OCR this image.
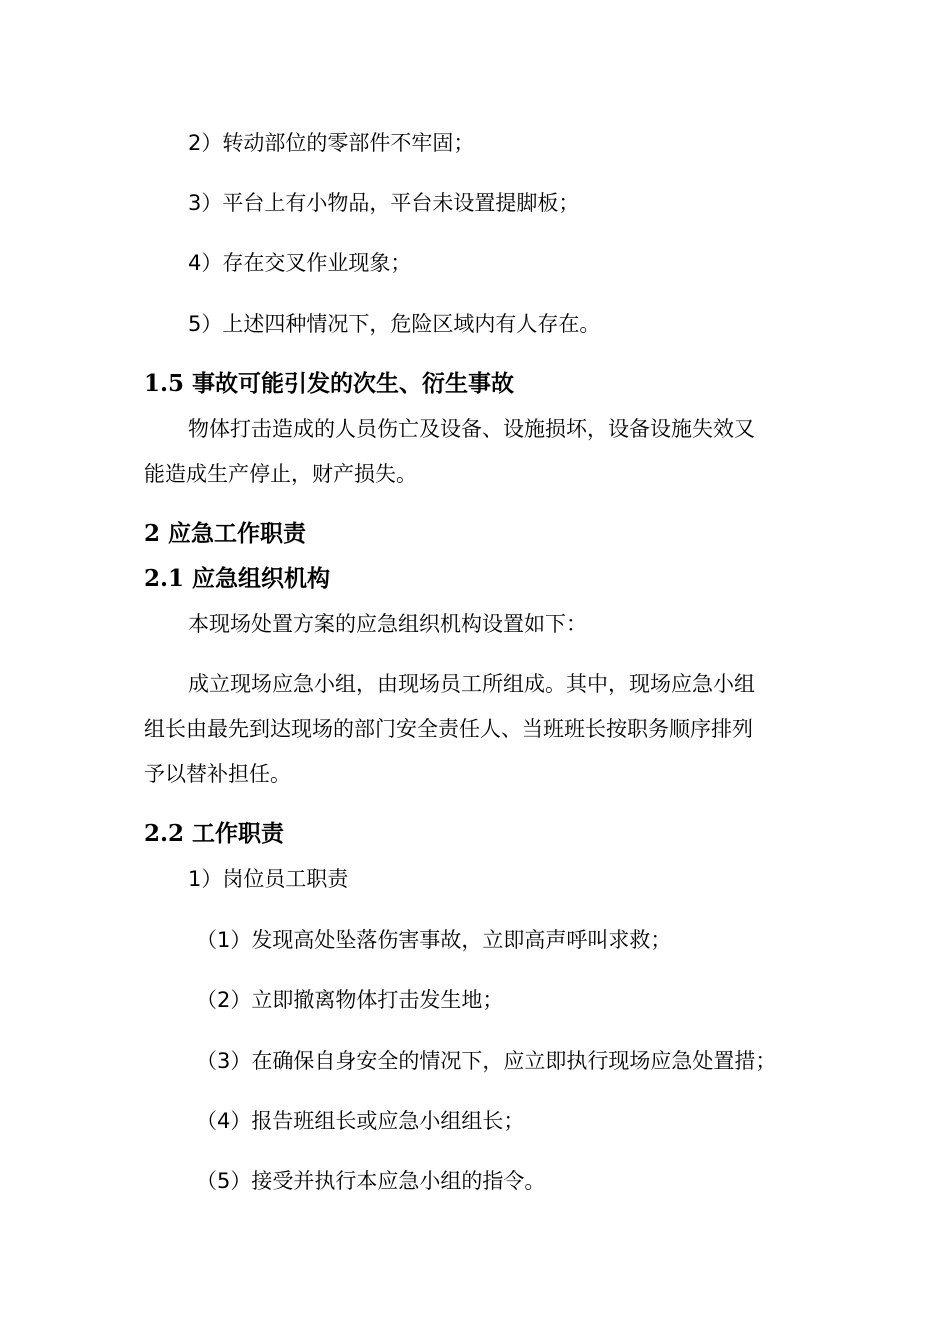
2）转动部位的零部件不牢固；
3）平台上有小物品，平台未设置提脚板；
4）存在交叉作业现象；
5）上述四种情况下，危险区域内有人存在。
1.5 事故可能引发的次生、衍生事故
物体打击造成的人员伤亡及设备、设施损坏，设备设施失效又
能造成生产停止，财产损失。
2 应急工作职责
2.1 应急组织机构
本现场处置方案的应急组织机构设置如下：
成立现场应急小组，由现场员工所组成。其中，现场应急小组
组长由最先到达现场的部门安全责任人、当班班长按职务顺序排列
予以替补担任。
2.2 工作职责
1）岗位员工职责
（1）发现高处坠落伤害事故，立即高声呼叫求救；
（2）立即撤离物体打击发生地；
（3）在确保自身安全的情况下，应立即执行现场应急处置措；
（4）报告班组长或应急小组组长；
（5）接受并执行本应急小组的指令。
